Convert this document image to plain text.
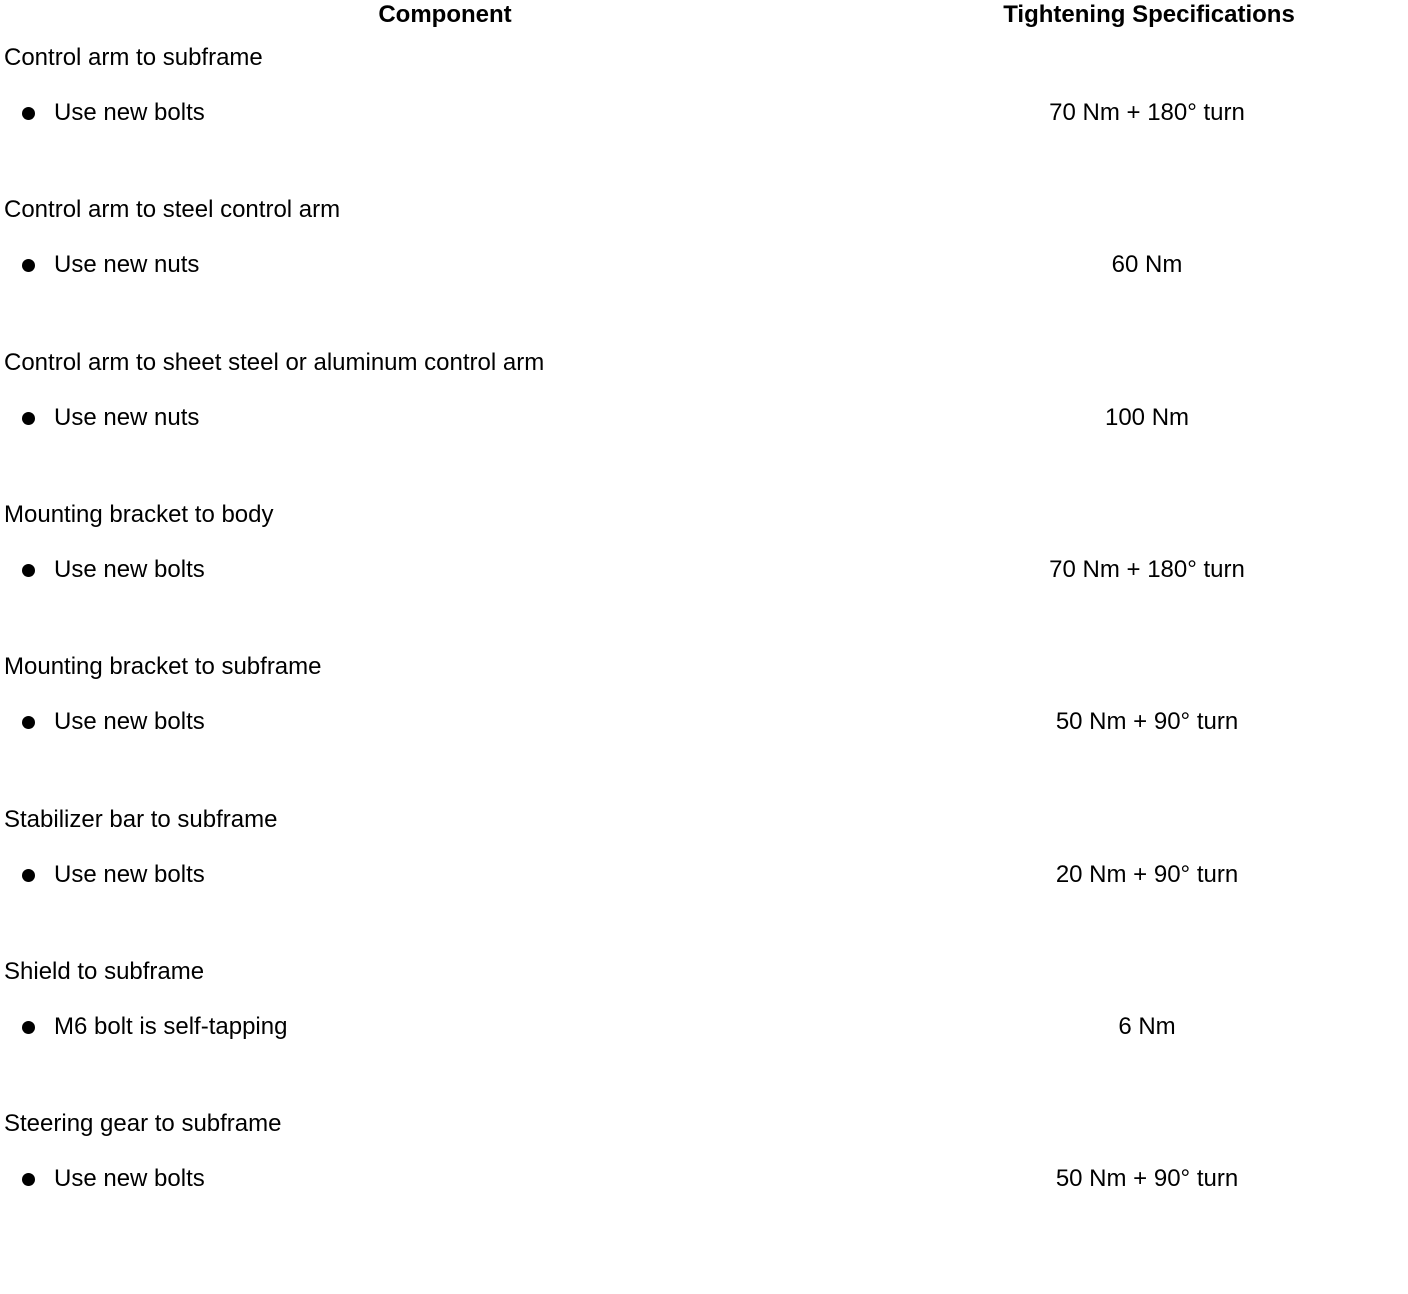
Component	Tightening Specifications
Control arm to subframe
Use new bolts	70 Nm + 180° turn
Control arm to steel control arm
Use new nuts	60 Nm
Control arm to sheet steel or aluminum control arm
Use new nuts	100 Nm
Mounting bracket to body
Use new bolts	70 Nm + 180° turn
Mounting bracket to subframe
Use new bolts	50 Nm + 90° turn
Stabilizer bar to subframe
Use new bolts	20 Nm + 90° turn
Shield to subframe
M6 bolt is self-tapping	6 Nm
Steering gear to subframe
Use new bolts	50 Nm + 90° turn
